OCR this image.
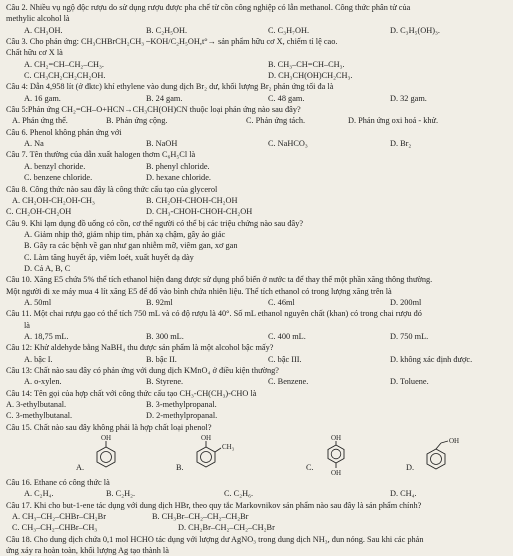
Câu 2. Nhiều vụ ngộ độc rượu do sử dụng rượu được pha chế từ cồn công nghiệp có lẫn methanol. Công thức phân tử của
methylic alcohol là
A. CH₃OH.	B. C₂H₅OH.	C. C₃H₇OH.	D. C₃H₅(OH)₃.
Câu 3. Cho phản ứng: CH₃CHBrCH₂CH₃ ⎯KOH/C₂H₅OH,t°→ sản phẩm hữu cơ X, chiếm tỉ lệ cao.
Chất hữu cơ X là
A. CH₂=CH–CH₂–CH₃.	B. CH₃–CH=CH–CH₃.
C. CH₃CH₂CH₂CH₂OH.	D. CH₃CH(OH)CH₂CH₃.
Câu 4: Dẫn 4,958 lít (ở đktc) khí ethylene vào dung dịch Br₂ dư, khối lượng Br₂ phản ứng tối đa là
A. 16 gam.	B. 24 gam.	C. 48 gam.	D. 32 gam.
Câu 5:Phản ứng CH₂=CH–O+HCN→CH₃CH(OH)CN thuộc loại phản ứng nào sau đây?
A. Phản ứng thế.	B. Phản ứng cộng.	C. Phản ứng tách.	D. Phản ứng oxi hoá - khử.
Câu 6. Phenol không phản ứng với
A. Na	B. NaOH	C. NaHCO₃	D. Br₂
Câu 7. Tên thường của dẫn xuất halogen thơm C₆H₅Cl là
A. benzyl choride.	B. phenyl chloride.
C. benzene chloride.	D. hexane chloride.
Câu 8. Công thức nào sau đây là công thức cấu tạo của glycerol
A. CH₂OH-CH₂OH-CH₃	B. CH₂OH-CHOH-CH₂OH
C. CH₂OH-CH₂OH	D. CH₃-CHOH-CHOH-CH₂OH
Câu 9. Khi lạm dụng đồ uống có cồn, cơ thể người có thể bị các triệu chứng nào sau đây?
A. Giảm nhịp thở, giảm nhịp tim, phản xạ chậm, gây ảo giác
B. Gây ra các bệnh về gan như gan nhiễm mỡ, viêm gan, xơ gan
C. Làm tăng huyết áp, viêm loét, xuất huyết dạ dày
D. Cả A, B, C
Câu 10. Xăng E5 chứa 5% thể tích ethanol hiện đang được sử dụng phổ biến ở nước ta để thay thế một phần xăng thông thường.
Một người đi xe máy mua 4 lít xăng E5 để đổ vào bình chứa nhiên liệu. Thể tích ethanol có trong lượng xăng trên là
A. 50ml	B. 92ml	C. 46ml	D. 200ml
Câu 11. Một chai rượu gạo có thể tích 750 mL và có độ rượu là 40°. Số mL ethanol nguyên chất (khan) có trong chai rượu đó
là
A. 18,75 mL.	B. 300 mL.	C. 400 mL.	D. 750 mL.
Câu 12: Khử aldehyde bằng NaBH₄ thu được sản phẩm là một alcohol bậc mấy?
A. bậc I.	B. bậc II.	C. bậc III.	D. không xác định được.
Câu 13: Chất nào sau đây có phản ứng với dung dịch KMnO₄ ở điều kiện thường?
A. o-xylen.	B. Styrene.	C. Benzene.	D. Toluene.
Câu 14: Tên gọi của hợp chất với công thức cấu tạo CH₃-CH(CH₃)-CHO là
A. 3-ethylbutanal.	B. 3-methylpropanal.
C. 3-methylbutanal.	D. 2-methylpropanal.
Câu 15. Chất nào sau đây không phải là hợp chất loại phenol?
A.
OH
B.
OH
CH₃
C.
OH
OH
D.
OH
Câu 16. Ethane có công thức là
A. C₂H₄.	B. C₂H₂.	C. C₂H₆.	D. CH₄.
Câu 17. Khi cho but-1-ene tác dụng với dung dịch HBr, theo quy tắc Markovnikov sản phẩm nào sau đây là sản phẩm chính?
A. CH₃–CH₂–CHBr–CH₂Br	B. CH₃Br–CH₂–CH₂–CH₂Br
C. CH₃–CH₂–CHBr–CH₃	D. CH₂Br–CH₂–CH₂–CH₂Br
Câu 18. Cho dung dịch chứa 0,1 mol HCHO tác dụng với lượng dư AgNO₃ trong dung dịch NH₃, đun nóng. Sau khi các phản
ứng xảy ra hoàn toàn, khối lượng Ag tạo thành là
